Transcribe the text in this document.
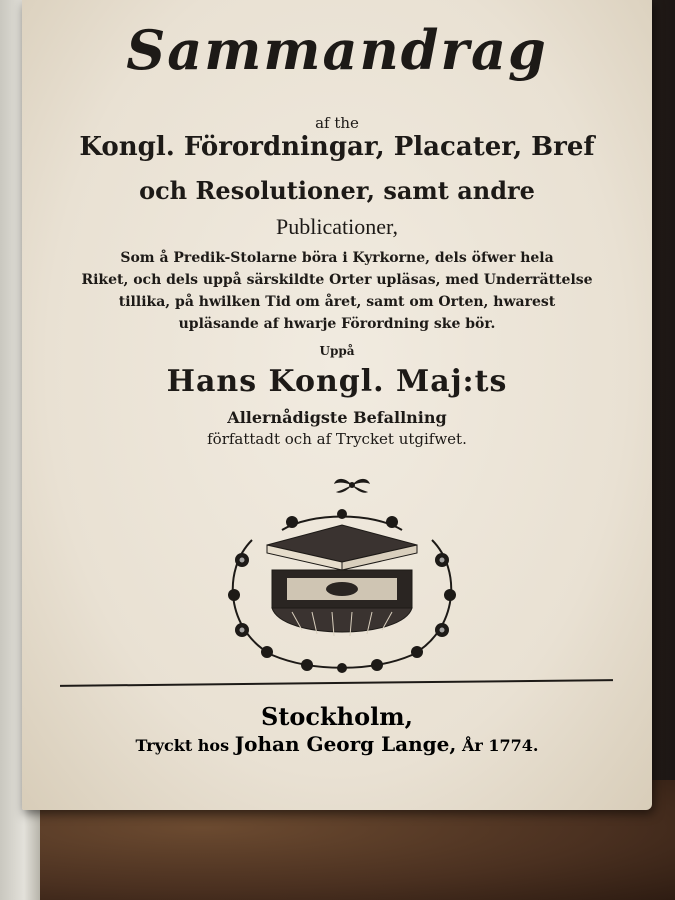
Sammandrag
af the
Kongl. Förordningar, Placater, Bref
och Resolutioner, samt andre
Publicationer,
Som å Predik-Stolarne böra i Kyrkorne, dels öfwer hela
Riket, och dels uppå särskildte Orter upläsas, med Underrättelse
tillika, på hwilken Tid om året, samt om Orten, hwarest
upläsande af hwarje Förordning ske bör.
Uppå
Hans Kongl. Maj:ts
Allernådigste Befallning
författadt och af Trycket utgifwet.
Stockholm,
Tryckt hos Johan Georg Lange, År 1774.
